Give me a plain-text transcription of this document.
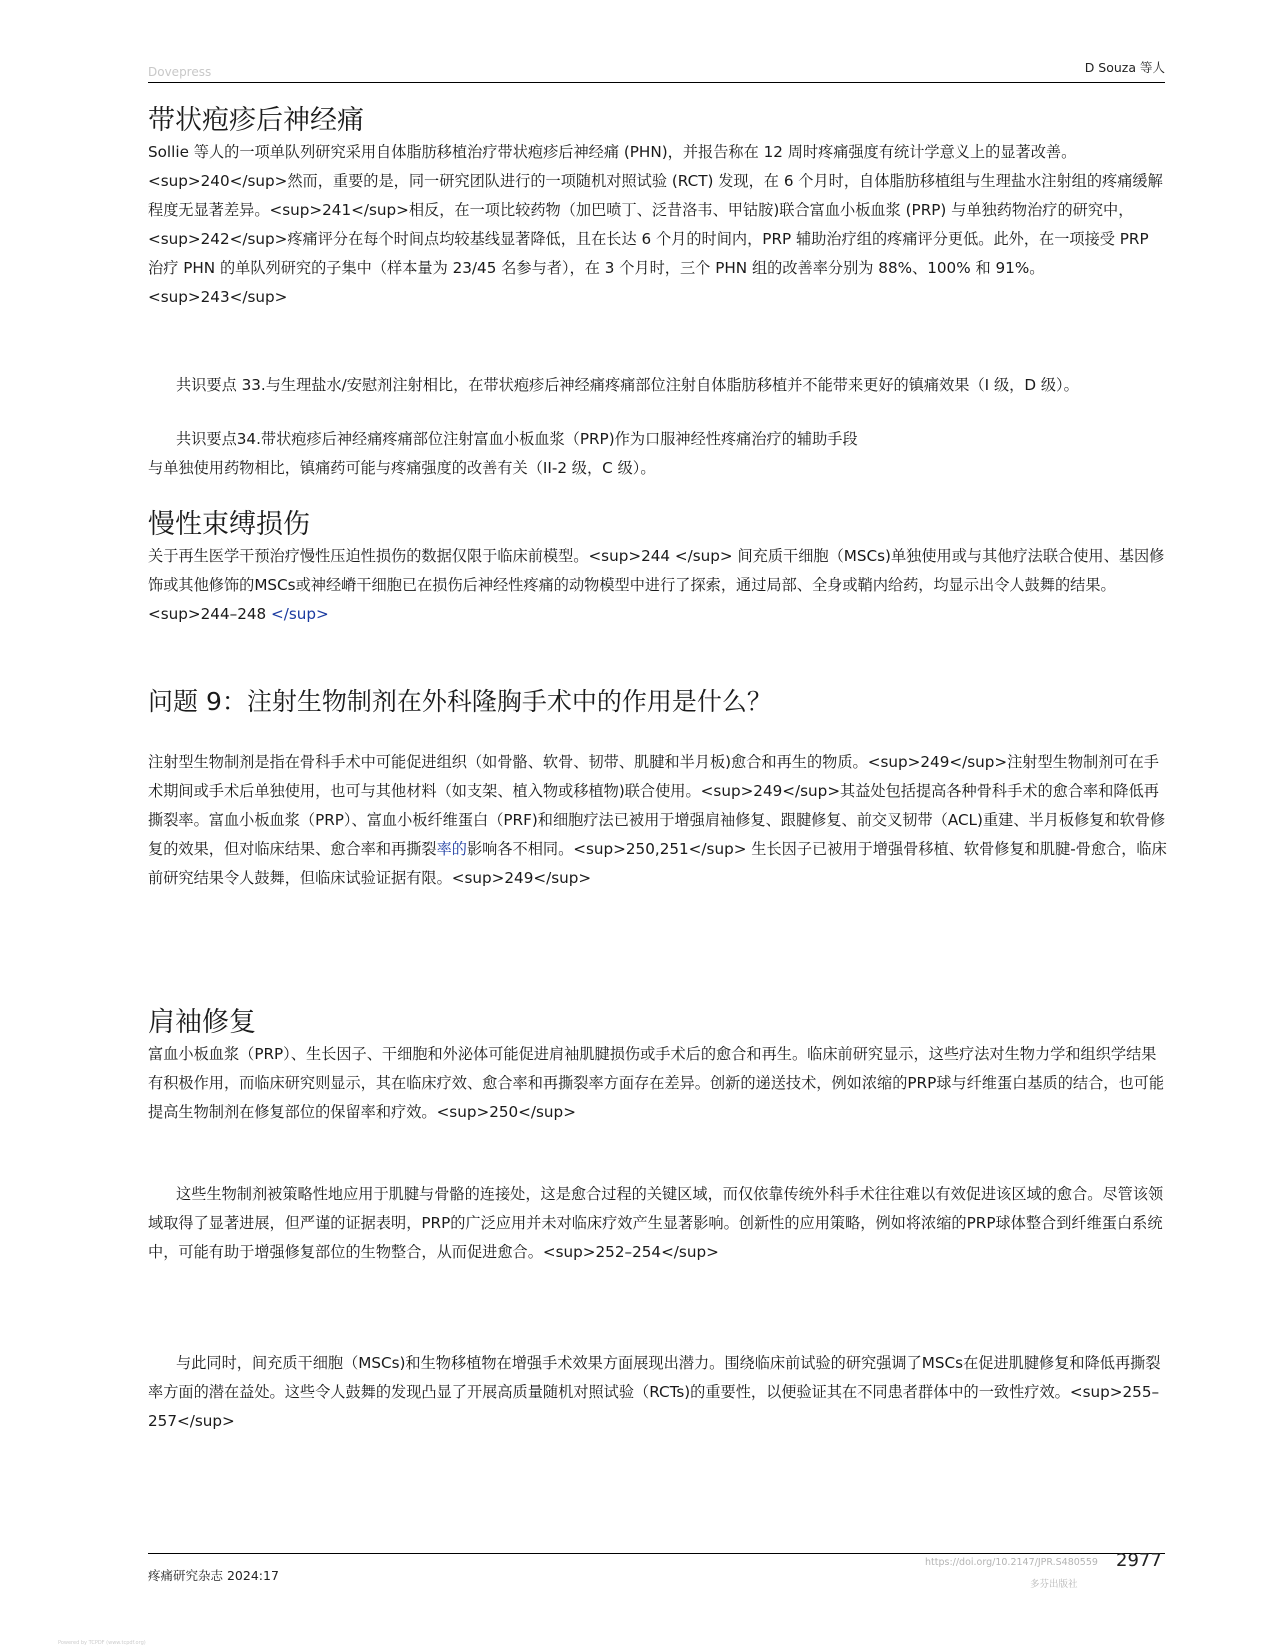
Dovepress	D Souza 等人
带状疱疹后神经痛

Sollie 等人的一项单队列研究采用自体脂肪移植治疗带状疱疹后神经痛 (PHN)，并报告称在 12 周时疼痛强度有统计学意义上的显著改善。<sup>240</sup>然而，重要的是，同一研究团队进行的一项随机对照试验 (RCT) 发现，在 6 个月时，自体脂肪移植组与生理盐水注射组的疼痛缓解程度无显著差异。<sup>241</sup>相反，在一项比较药物（加巴喷丁、泛昔洛韦、甲钴胺)联合富血小板血浆 (PRP) 与单独药物治疗的研究中，<sup>242</sup>疼痛评分在每个时间点均较基线显著降低，且在长达 6 个月的时间内，PRP 辅助治疗组的疼痛评分更低。此外，在一项接受 PRP 治疗 PHN 的单队列研究的子集中（样本量为 23/45 名参与者），在 3 个月时，三个 PHN 组的改善率分别为 88%、100% 和 91%。<sup>243</sup>

共识要点 33.与生理盐水/安慰剂注射相比，在带状疱疹后神经痛疼痛部位注射自体脂肪移植并不能带来更好的镇痛效果（I 级，D 级）。

共识要点34.带状疱疹后神经痛疼痛部位注射富血小板血浆（PRP)作为口服神经性疼痛治疗的辅助手段

与单独使用药物相比，镇痛药可能与疼痛强度的改善有关（II-2 级，C 级）。

慢性束缚损伤

关于再生医学干预治疗慢性压迫性损伤的数据仅限于临床前模型。<sup>244 </sup> 间充质干细胞（MSCs)单独使用或与其他疗法联合使用、基因修饰或其他修饰的MSCs或神经嵴干细胞已在损伤后神经性疼痛的动物模型中进行了探索，通过局部、全身或鞘内给药，均显示出令人鼓舞的结果。<sup>244–248 </sup>

问题 9：注射生物制剂在外科隆胸手术中的作用是什么？

注射型生物制剂是指在骨科手术中可能促进组织（如骨骼、软骨、韧带、肌腱和半月板)愈合和再生的物质。<sup>249</sup>注射型生物制剂可在手术期间或手术后单独使用，也可与其他材料（如支架、植入物或移植物)联合使用。<sup>249</sup>其益处包括提高各种骨科手术的愈合率和降低再撕裂率。富血小板血浆（PRP）、富血小板纤维蛋白（PRF)和细胞疗法已被用于增强肩袖修复、跟腱修复、前交叉韧带（ACL)重建、半月板修复和软骨修复的效果，但对临床结果、愈合率和再撕裂率的影响各不相同。<sup>250,251</sup> 生长因子已被用于增强骨移植、软骨修复和肌腱-骨愈合，临床前研究结果令人鼓舞，但临床试验证据有限。<sup>249</sup>

肩袖修复

富血小板血浆（PRP）、生长因子、干细胞和外泌体可能促进肩袖肌腱损伤或手术后的愈合和再生。临床前研究显示，这些疗法对生物力学和组织学结果有积极作用，而临床研究则显示，其在临床疗效、愈合率和再撕裂率方面存在差异。创新的递送技术，例如浓缩的PRP球与纤维蛋白基质的结合，也可能提高生物制剂在修复部位的保留率和疗效。<sup>250</sup>

这些生物制剂被策略性地应用于肌腱与骨骼的连接处，这是愈合过程的关键区域，而仅依靠传统外科手术往往难以有效促进该区域的愈合。尽管该领域取得了显著进展，但严谨的证据表明，PRP的广泛应用并未对临床疗效产生显著影响。创新性的应用策略，例如将浓缩的PRP球体整合到纤维蛋白系统中，可能有助于增强修复部位的生物整合，从而促进愈合。<sup>252–254</sup>

与此同时，间充质干细胞（MSCs)和生物移植物在增强手术效果方面展现出潜力。围绕临床前试验的研究强调了MSCs在促进肌腱修复和降低再撕裂率方面的潜在益处。这些令人鼓舞的发现凸显了开展高质量随机对照试验（RCTs)的重要性，以便验证其在不同患者群体中的一致性疗效。<sup>255–257</sup>

疼痛研究杂志 2024:17
https://doi.org/10.2147/JPR.S480559 2977
多芬出版社
Powered by TCPDF (www.tcpdf.org)
